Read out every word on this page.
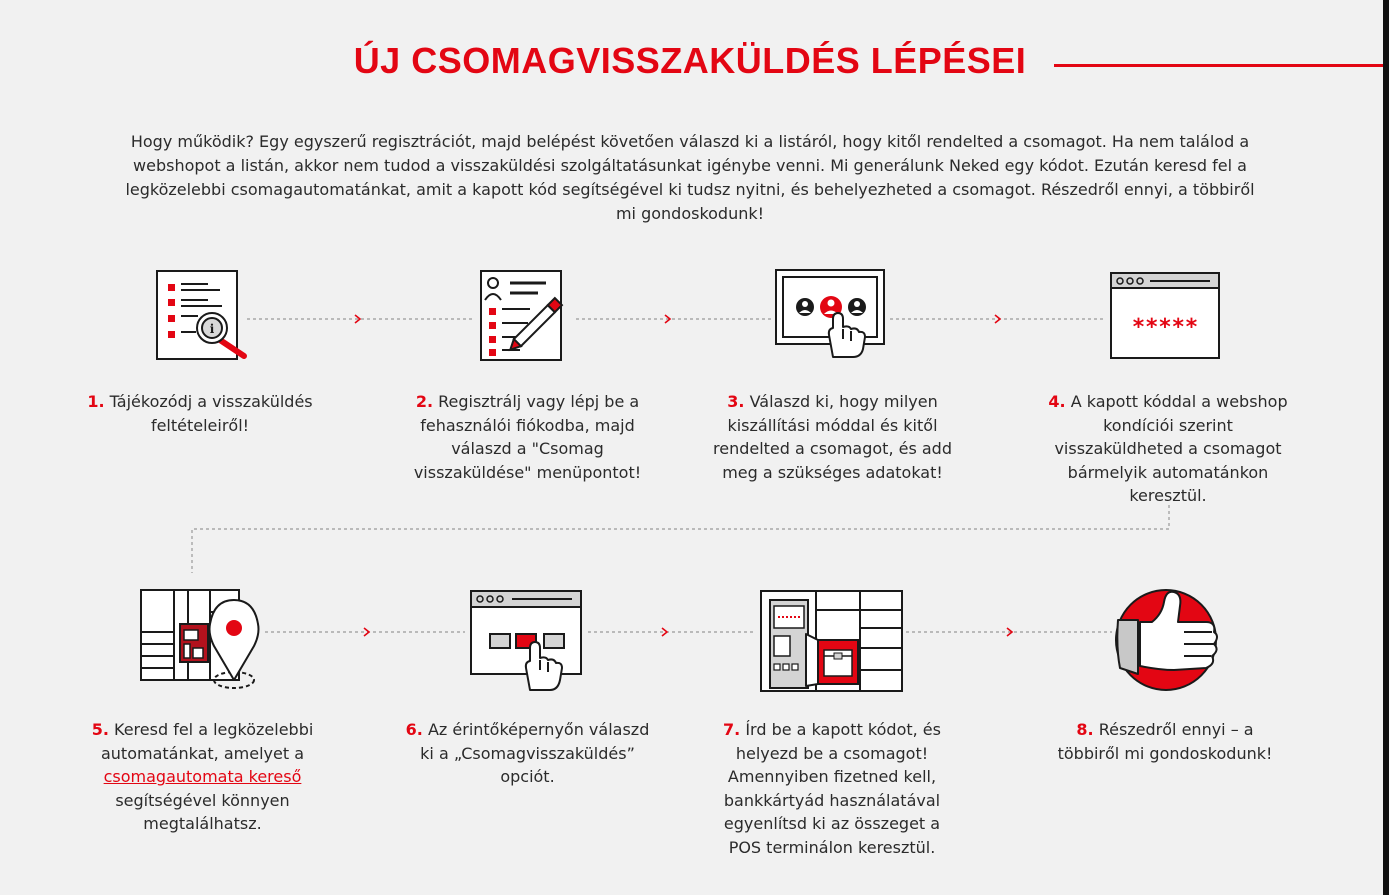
ÚJ CSOMAGVISSZAKÜLDÉS LÉPÉSEI

Hogy működik? Egy egyszerű regisztrációt, majd belépést követően válaszd ki a listáról, hogy kitől rendelted a csomagot. Ha nem találod a webshopot a listán, akkor nem tudod a visszaküldési szolgáltatásunkat igénybe venni. Mi generálunk Neked egy kódot. Ezután keresd fel a legközelebbi csomagautomatánkat, amit a kapott kód segítségével ki tudsz nyitni, és behelyezheted a csomagot. Részedről ennyi, a többiről mi gondoskodunk!

i	*****
1. Tájékozódj a visszaküldés feltételeiről!
2. Regisztrálj vagy lépj be a fehasználói fiókodba, majd válaszd a "Csomag visszaküldése" menüpontot!
3. Válaszd ki, hogy milyen kiszállítási móddal és kitől rendelted a csomagot, és add meg a szükséges adatokat!
4. A kapott kóddal a webshop kondíciói szerint visszaküldheted a csomagot bármelyik automatánkon keresztül.
5. Keresd fel a legközelebbi automatánkat, amelyet a csomagautomata kereső segítségével könnyen megtalálhatsz.
6. Az érintőképernyőn válaszd ki a „Csomagvisszaküldés” opciót.
7. Írd be a kapott kódot, és helyezd be a csomagot! Amennyiben fizetned kell, bankkártyád használatával egyenlítsd ki az összeget a POS terminálon keresztül.
8. Részedről ennyi – a többiről mi gondoskodunk!
